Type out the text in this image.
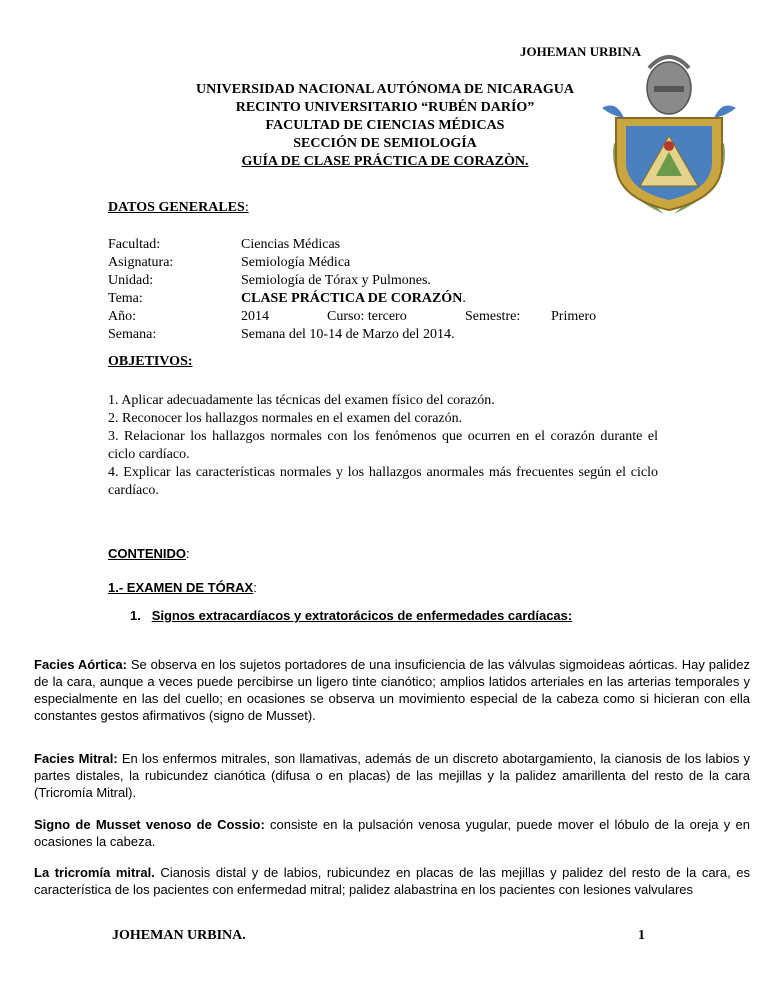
JOHEMAN URBINA
UNIVERSIDAD NACIONAL AUTÓNOMA DE NICARAGUA
RECINTO UNIVERSITARIO “RUBÉN DARÍO”
FACULTAD DE CIENCIAS MÉDICAS
SECCIÓN DE SEMIOLOGÍA
GUÍA DE CLASE PRÁCTICA DE CORAZÒN.
DATOS GENERALES:
Facultad:	Ciencias Médicas
Asignatura:	Semiología Médica
Unidad:	Semiología de Tórax y Pulmones.
Tema:	CLASE PRÁCTICA DE CORAZÓN.
Año:	2014	Curso: tercero	Semestre: Primero
Semana:	Semana del 10-14 de Marzo del 2014.
OBJETIVOS:
1. Aplicar adecuadamente las técnicas del examen físico del corazón.
2. Reconocer los hallazgos normales en el examen del corazón.
3. Relacionar los hallazgos normales con los fenómenos que ocurren en el corazón durante el ciclo cardíaco.
4. Explicar las características normales y los hallazgos anormales más frecuentes según el ciclo cardíaco.
CONTENIDO:
1.- EXAMEN DE TÓRAX:
1. Signos extracardíacos y extratorácicos de enfermedades cardíacas:
Facies Aórtica: Se observa en los sujetos portadores de una insuficiencia de las válvulas sigmoideas aórticas. Hay palidez de la cara, aunque a veces puede percibirse un ligero tinte cianótico; amplios latidos arteriales en las arterias temporales y especialmente en las del cuello; en ocasiones se observa un movimiento especial de la cabeza como si hicieran con ella constantes gestos afirmativos (signo de Musset).
Facies Mitral: En los enfermos mitrales, son llamativas, además de un discreto abotargamiento, la cianosis de los labios y partes distales, la rubicundez cianótica (difusa o en placas) de las mejillas y la palidez amarillenta del resto de la cara (Tricromía Mitral).
Signo de Musset venoso de Cossio: consiste en la pulsación venosa yugular, puede mover el lóbulo de la oreja y en ocasiones la cabeza.
La tricromía mitral. Cianosis distal y de labios, rubicundez en placas de las mejillas y palidez del resto de la cara, es característica de los pacientes con enfermedad mitral; palidez alabastrina en los pacientes con lesiones valvulares
JOHEMAN URBINA.	1
